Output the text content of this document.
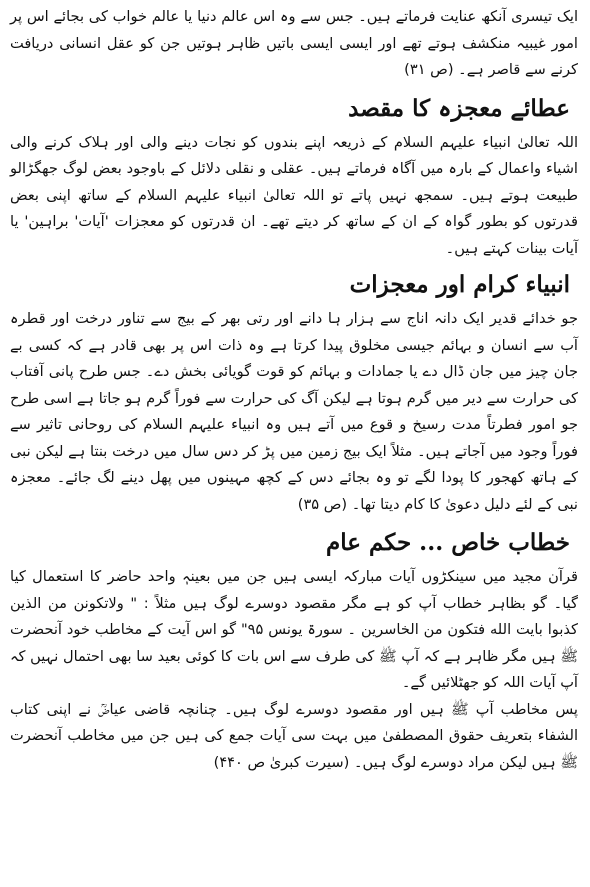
ایک تیسری آنکھ عنایت فرماتے ہیں۔ جس سے وہ اس عالم دنیا یا عالم خواب کی بجائے اس پر امور غیبیہ منکشف ہوتے تھے اور ایسی ایسی باتیں ظاہر ہوتیں جن کو عقل انسانی دریافت کرنے سے قاصر ہے۔ (ص ۳۱)

عطائے معجزہ کا مقصد

اللہ تعالیٰ انبیاء علیہم السلام کے ذریعہ اپنے بندوں کو نجات دینے والی اور ہلاک کرنے والی اشیاء واعمال کے بارہ میں آگاہ فرماتے ہیں۔ عقلی و نقلی دلائل کے باوجود بعض لوگ جھگڑالو طبیعت ہوتے ہیں۔ سمجھ نہیں پاتے تو اللہ تعالیٰ انبیاء علیہم السلام کے ساتھ اپنی بعض قدرتوں کو بطور گواہ کے ان کے ساتھ کر دیتے تھے۔ ان قدرتوں کو معجزات 'آیات' براہین' یا آیات بینات کہتے ہیں۔

انبیاء کرام اور معجزات

جو خدائے قدیر ایک دانہ اناج سے ہزار ہا دانے اور رتی بھر کے بیج سے تناور درخت اور قطرہ آب سے انسان و بہائم جیسی مخلوق پیدا کرتا ہے وہ ذات اس پر بھی قادر ہے کہ کسی بے جان چیز میں جان ڈال دے یا جمادات و بہائم کو قوت گویائی بخش دے۔ جس طرح پانی آفتاب کی حرارت سے دیر میں گرم ہوتا ہے لیکن آگ کی حرارت سے فوراً گرم ہو جاتا ہے اسی طرح جو امور فطرتاً مدت رسیخ و قوع میں آتے ہیں وہ انبیاء علیہم السلام کی روحانی تاثیر سے فوراً وجود میں آجاتے ہیں۔ مثلاً ایک بیج زمین میں پڑ کر دس سال میں درخت بنتا ہے لیکن نبی کے ہاتھ کھجور کا پودا لگے تو وہ بجائے دس کے کچھ مہینوں میں پھل دینے لگ جائے۔ معجزہ نبی کے لئے دلیل دعویٰ کا کام دیتا تھا۔ (ص ۳۵)

خطاب خاص ... حکم عام

قرآن مجید میں سینکڑوں آیات مبارکہ ایسی ہیں جن میں بعینہٖ واحد حاضر کا استعمال کیا گیا۔ گو بظاہر خطاب آپ کو ہے مگر مقصود دوسرے لوگ ہیں مثلاً : " ولاتکونن من الذين کذبوا بايت الله فتکون من الخاسرين ۔ سورۃ یونس ۹۵" گو اس آیت کے مخاطب خود آنحضرت ﷺ ہیں مگر ظاہر ہے کہ آپ ﷺ کی طرف سے اس بات کا کوئی بعید سا بھی احتمال نہیں کہ آپ آیات اللہ کو جھٹلائیں گے۔

پس مخاطب آپ ﷺ ہیں اور مقصود دوسرے لوگ ہیں۔ چنانچہ قاضی عیاضؒ نے اپنی کتاب الشفاء بتعریف حقوق المصطفیٰ میں بہت سی آیات جمع کی ہیں جن میں مخاطب آنحضرت ﷺ ہیں لیکن مراد دوسرے لوگ ہیں۔ (سیرت کبریٰ ص ۴۴۰)
